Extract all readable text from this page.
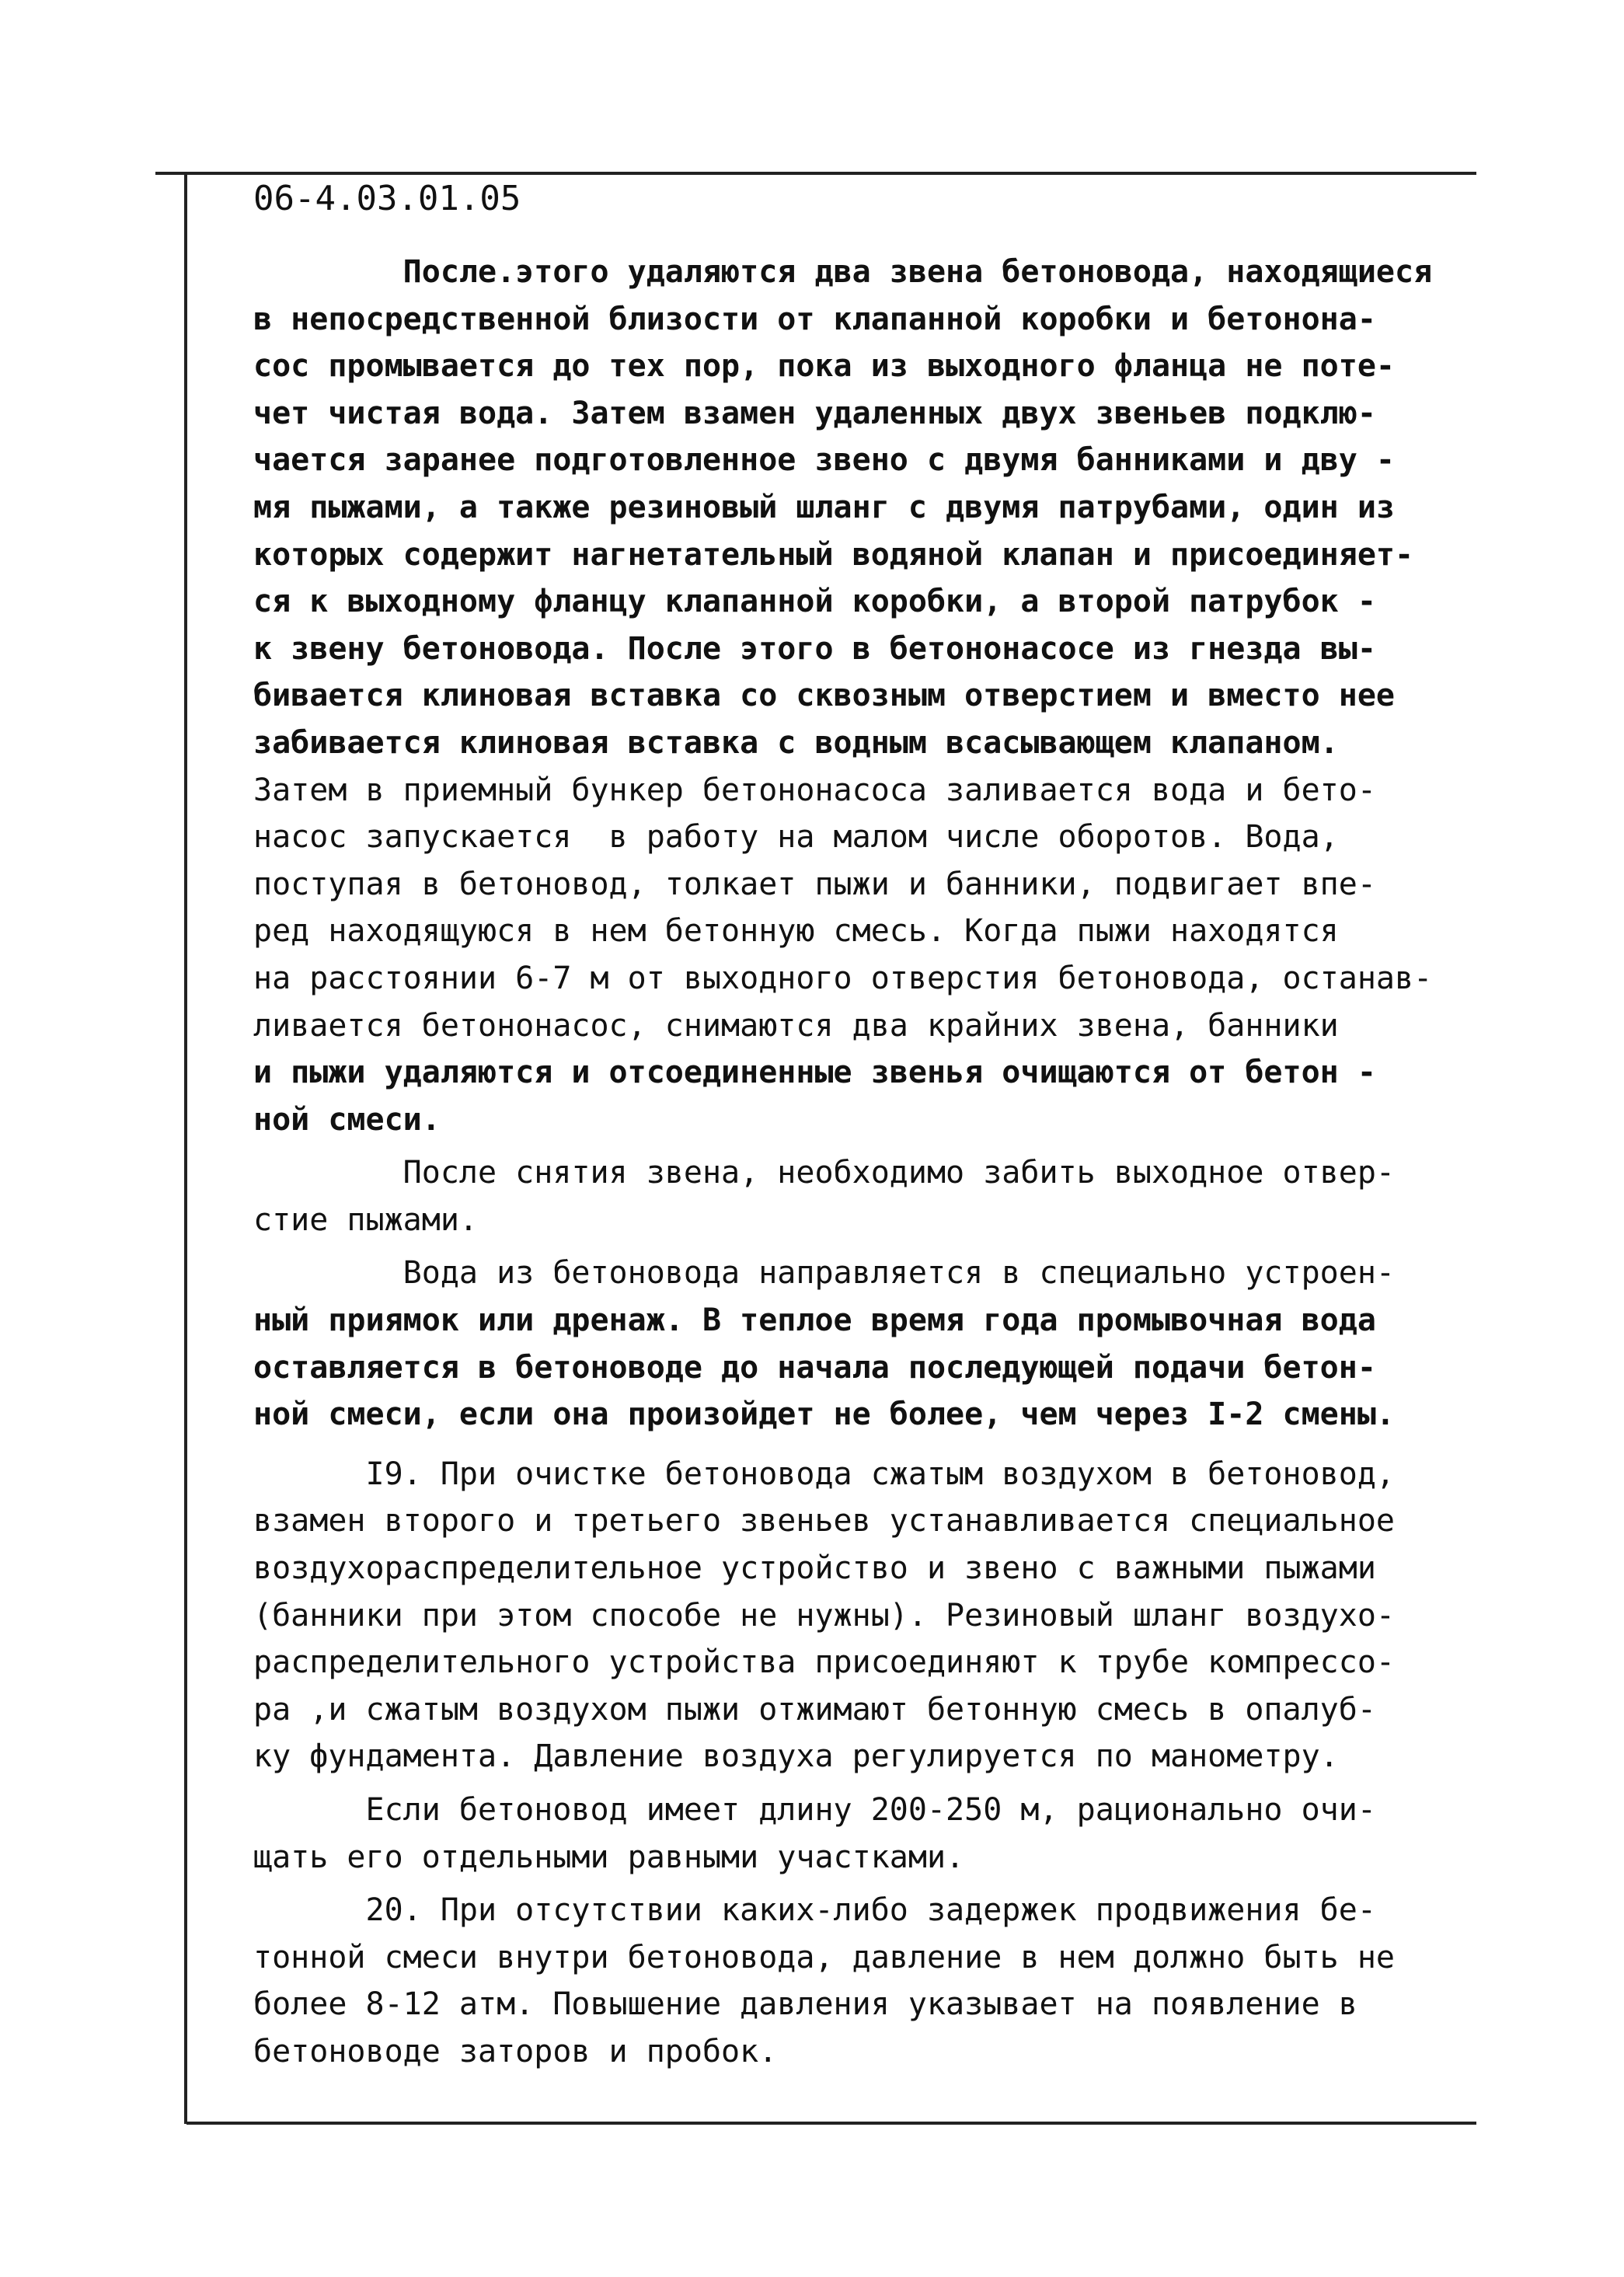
06-4.03.01.05
После.этого удаляются два звена бетоновода, находящиеся
в непосредственной близости от клапанной коробки и бетонона-
сос промывается до тех пор, пока из выходного фланца не поте-
чет чистая вода. Затем взамен удаленных двух звеньев подклю-
чается заранее подготовленное звено с двумя банниками и дву -
мя пыжами, а также резиновый шланг с двумя патрубами, один из
которых содержит нагнетательный водяной клапан и присоединяет-
ся к выходному фланцу клапанной коробки, а второй патрубок -
к звену бетоновода. После этого в бетононасосе из гнезда вы-
бивается клиновая вставка со сквозным отверстием и вместо нее
забивается клиновая вставка с водным всасывающем клапаном.
Затем в приемный бункер бетононасоса заливается вода и бето-
насос запускается  в работу на малом числе оборотов. Вода,
поступая в бетоновод, толкает пыжи и банники, подвигает впе-
ред находящуюся в нем бетонную смесь. Когда пыжи находятся
на расстоянии 6-7 м от выходного отверстия бетоновода, останав-
ливается бетононасос, снимаются два крайних звена, банники
и пыжи удаляются и отсоединенные звенья очищаются от бетон -
ной смеси.
После снятия звена, необходимо забить выходное отвер-
стие пыжами.
Вода из бетоновода направляется в специально устроен-
ный приямок или дренаж. В теплое время года промывочная вода
оставляется в бетоноводе до начала последующей подачи бетон-
ной смеси, если она произойдет не более, чем через I-2 смены.
I9. При очистке бетоновода сжатым воздухом в бетоновод,
взамен второго и третьего звеньев устанавливается специальное
воздухораспределительное устройство и звено с важными пыжами
(банники при этом способе не нужны). Резиновый шланг воздухо-
распределительного устройства присоединяют к трубе компрессо-
ра ,и сжатым воздухом пыжи отжимают бетонную смесь в опалуб-
ку фундамента. Давление воздуха регулируется по манометру.
Если бетоновод имеет длину 200-250 м, рационально очи-
щать его отдельными равными участками.
20. При отсутствии каких-либо задержек продвижения бе-
тонной смеси внутри бетоновода, давление в нем должно быть не
более 8-12 атм. Повышение давления указывает на появление в
бетоноводе заторов и пробок.
